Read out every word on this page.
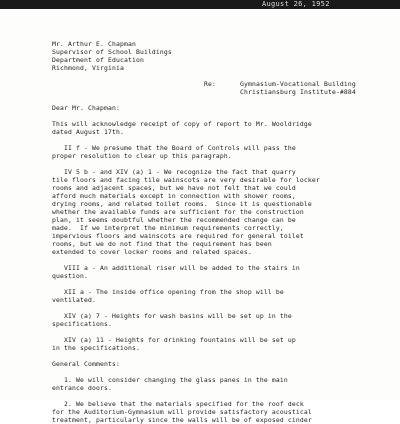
August 26, 1952
Mr. Arthur E. Chapman
Supervisor of School Buildings
Department of Education
Richmond, Virginia
Re:	Gymnasium-Vocational Building
Christiansburg Institute-#884
Dear Mr. Chapman:
This will acknowledge receipt of copy of report to Mr. Wooldridge
dated August 17th.
II f - We presume that the Board of Controls will pass the
proper resolution to clear up this paragraph.
IV 5 b - and XIV (a) 1 - We recognize the fact that quarry
tile floors and facing tile wainscots are very desirable for locker
rooms and adjacent spaces, but we have not felt that we could
afford much materials except in connection with shower rooms,
drying rooms, and related toilet rooms.  Since it is questionable
whether the available funds are sufficient for the construction
plan, it seems doubtful whether the recommended change can be
made.  If we interpret the minimum requirements correctly,
impervious floors and wainscots are required for general toilet
rooms, but we do not find that the requirement has been
extended to cover locker rooms and related spaces.
VIII a - An additional riser will be added to the stairs in
question.
XII a - The inside office opening from the shop will be
ventilated.
XIV (a) 7 - Heights for wash basins will be set up in the
specifications.
XIV (a) 11 - Heights for drinking fountains will be set up
in the specifications.
General Comments:
1. We will consider changing the glass panes in the main
entrance doors.
2. We believe that the materials specified for the roof deck
for the Auditorium-Gymnasium will provide satisfactory acoustical
treatment, particularly since the walls will be of exposed cinder
